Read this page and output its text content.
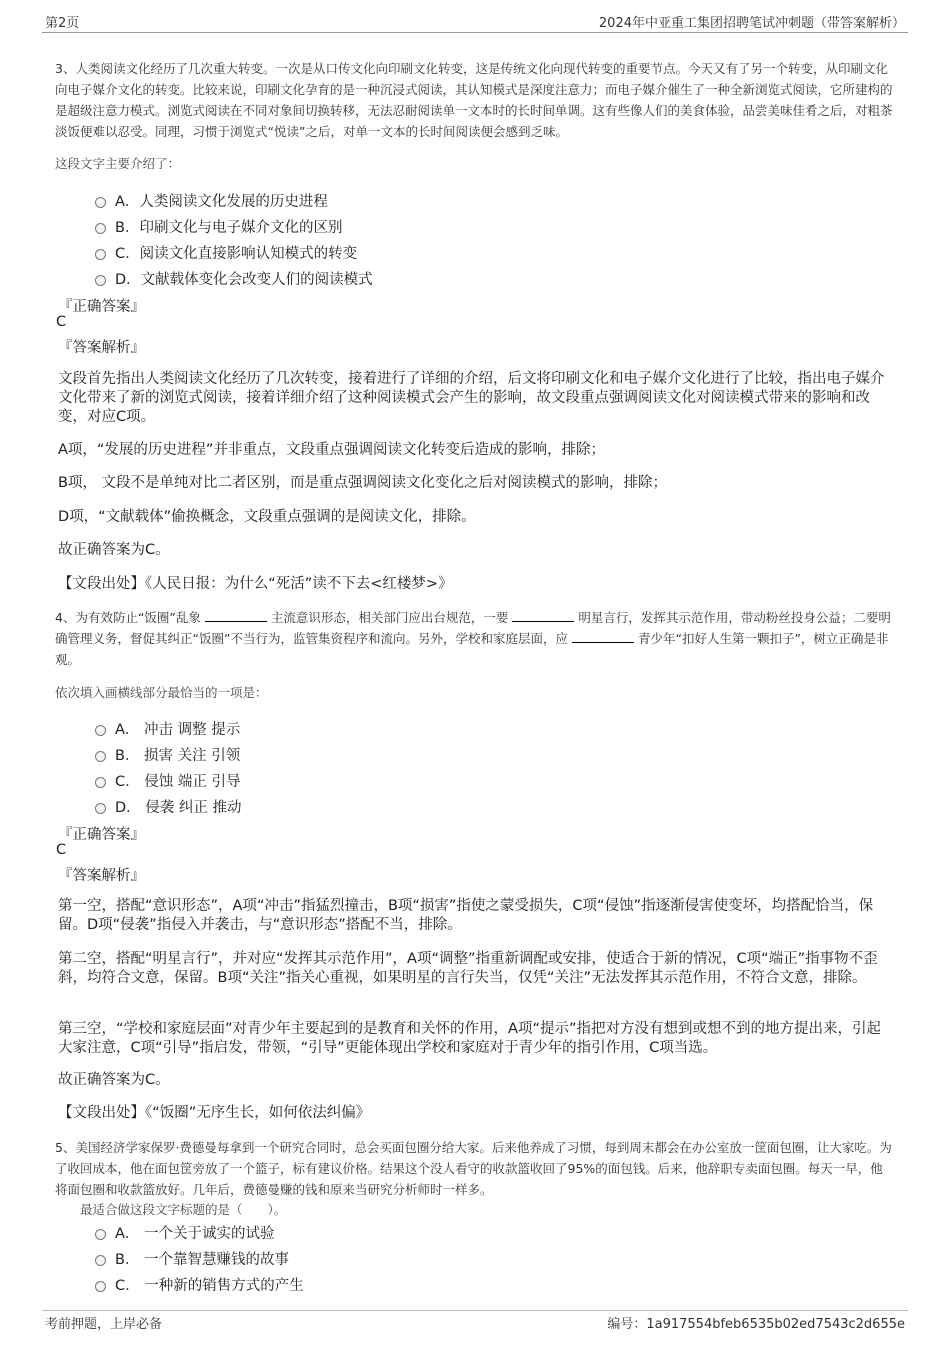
第2页	2024年中亚重工集团招聘笔试冲刺题（带答案解析）
3、人类阅读文化经历了几次重大转变。一次是从口传文化向印刷文化转变，这是传统文化向现代转变的重要节点。今天又有了另一个转变，从印刷文化向电子媒介文化的转变。比较来说，印刷文化孕育的是一种沉浸式阅读，其认知模式是深度注意力；而电子媒介催生了一种全新浏览式阅读，它所建构的是超级注意力模式。浏览式阅读在不同对象间切换转移，无法忍耐阅读单一文本时的长时间单调。这有些像人们的美食体验，品尝美味佳肴之后，对粗茶淡饭便难以忍受。同理，习惯于浏览式“悦读”之后，对单一文本的长时间阅读便会感到乏味。
这段文字主要介绍了：
A．人类阅读文化发展的历史进程
B．印刷文化与电子媒介文化的区别
C．阅读文化直接影响认知模式的转变
D．文献载体变化会改变人们的阅读模式
『正确答案』
C
『答案解析』
文段首先指出人类阅读文化经历了几次转变，接着进行了详细的介绍，后文将印刷文化和电子媒介文化进行了比较，指出电子媒介文化带来了新的浏览式阅读，接着详细介绍了这种阅读模式会产生的影响，故文段重点强调阅读文化对阅读模式带来的影响和改变，对应C项。
A项，“发展的历史进程”并非重点，文段重点强调阅读文化转变后造成的影响，排除；
B项， 文段不是单纯对比二者区别，而是重点强调阅读文化变化之后对阅读模式的影响，排除；
D项，“文献载体”偷换概念，文段重点强调的是阅读文化，排除。
故正确答案为C。
【文段出处】《人民日报：为什么“死活”读不下去<红楼梦>》
4、为有效防止“饭圈”乱象	主流意识形态，相关部门应出台规范，一要	明星言行，发挥其示范作用，带动粉丝投身公益；二要明确管理义务，督促其纠正“饭圈”不当行为，监管集资程序和流向。另外，学校和家庭层面，应	青少年“扣好人生第一颗扣子”，树立正确是非观。
依次填入画横线部分最恰当的一项是：
A． 冲击 调整 提示
B． 损害 关注 引领
C． 侵蚀 端正 引导
D． 侵袭 纠正 推动
『正确答案』
C
『答案解析』
第一空，搭配“意识形态”，A项“冲击”指猛烈撞击，B项“损害”指使之蒙受损失，C项“侵蚀”指逐渐侵害使变坏，均搭配恰当，保留。D项“侵袭”指侵入并袭击，与“意识形态”搭配不当，排除。
第二空，搭配“明星言行”，并对应“发挥其示范作用”，A项“调整”指重新调配或安排，使适合于新的情况，C项“端正”指事物不歪斜，均符合文意，保留。B项“关注”指关心重视，如果明星的言行失当，仅凭“关注”无法发挥其示范作用，不符合文意，排除。
第三空，“学校和家庭层面”对青少年主要起到的是教育和关怀的作用，A项“提示”指把对方没有想到或想不到的地方提出来，引起大家注意，C项“引导”指启发，带领，“引导”更能体现出学校和家庭对于青少年的指引作用，C项当选。
故正确答案为C。
【文段出处】《“饭圈”无序生长，如何依法纠偏》
5、美国经济学家保罗·费德曼每拿到一个研究合同时，总会买面包圈分给大家。后来他养成了习惯，每到周末都会在办公室放一筐面包圈，让大家吃。为了收回成本，他在面包筐旁放了一个篮子，标有建议价格。结果这个没人看守的收款篮收回了95%的面包钱。后来，他辞职专卖面包圈。每天一早，他将面包圈和收款篮放好。几年后，费德曼赚的钱和原来当研究分析师时一样多。
最适合做这段文字标题的是（　　）。
A． 一个关于诚实的试验
B． 一个靠智慧赚钱的故事
C． 一种新的销售方式的产生
考前押题，上岸必备	编号：1a917554bfeb6535b02ed7543c2d655e
